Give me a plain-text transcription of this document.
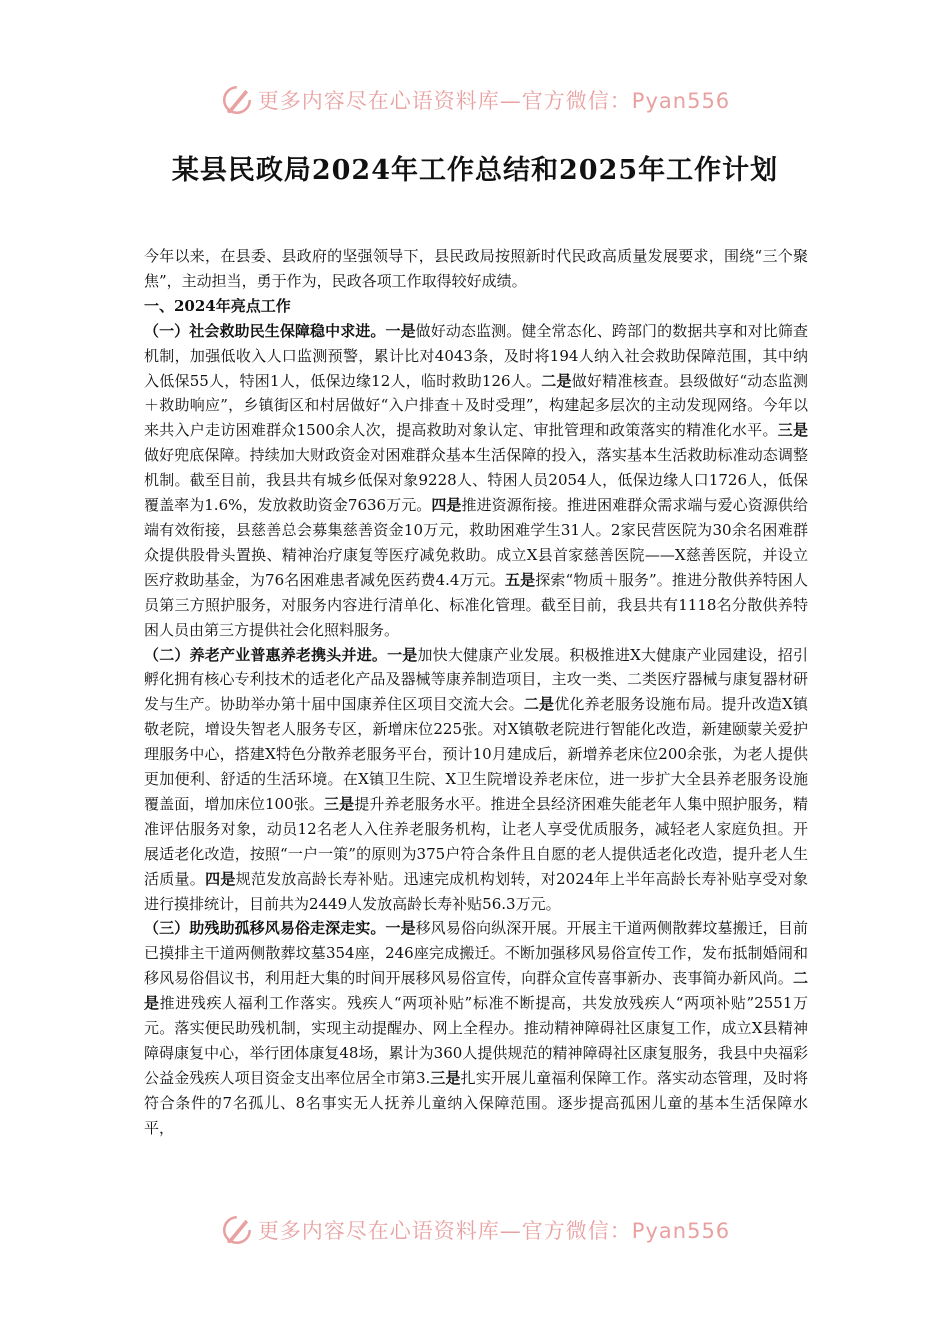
更多内容尽在心语资料库—官方微信：Pyan556
某县民政局2024年工作总结和2025年工作计划

今年以来，在县委、县政府的坚强领导下，县民政局按照新时代民政高质量发展要求，围绕“三个聚焦”，主动担当，勇于作为，民政各项工作取得较好成绩。

一、2024年亮点工作

（一）社会救助民生保障稳中求进。一是做好动态监测。健全常态化、跨部门的数据共享和对比筛查机制，加强低收入人口监测预警，累计比对4043条，及时将194人纳入社会救助保障范围，其中纳入低保55人，特困1人，低保边缘12人，临时救助126人。二是做好精准核查。县级做好“动态监测＋救助响应”，乡镇街区和村居做好“入户排查＋及时受理”，构建起多层次的主动发现网络。今年以来共入户走访困难群众1500余人次，提高救助对象认定、审批管理和政策落实的精准化水平。三是做好兜底保障。持续加大财政资金对困难群众基本生活保障的投入，落实基本生活救助标准动态调整机制。截至目前，我县共有城乡低保对象9228人、特困人员2054人，低保边缘人口1726人，低保覆盖率为1.6%，发放救助资金7636万元。四是推进资源衔接。推进困难群众需求端与爱心资源供给端有效衔接，县慈善总会募集慈善资金10万元，救助困难学生31人。2家民营医院为30余名困难群众提供股骨头置换、精神治疗康复等医疗减免救助。成立X县首家慈善医院——X慈善医院，并设立医疗救助基金，为76名困难患者减免医药费4.4万元。五是探索“物质＋服务”。推进分散供养特困人员第三方照护服务，对服务内容进行清单化、标准化管理。截至目前，我县共有1118名分散供养特困人员由第三方提供社会化照料服务。

（二）养老产业普惠养老携头并进。一是加快大健康产业发展。积极推进X大健康产业园建设，招引孵化拥有核心专利技术的适老化产品及器械等康养制造项目，主攻一类、二类医疗器械与康复器材研发与生产。协助举办第十届中国康养住区项目交流大会。二是优化养老服务设施布局。提升改造X镇敬老院，增设失智老人服务专区，新增床位225张。对X镇敬老院进行智能化改造，新建颐蒙关爱护理服务中心，搭建X特色分散养老服务平台，预计10月建成后，新增养老床位200余张，为老人提供更加便利、舒适的生活环境。在X镇卫生院、X卫生院增设养老床位，进一步扩大全县养老服务设施覆盖面，增加床位100张。三是提升养老服务水平。推进全县经济困难失能老年人集中照护服务，精准评估服务对象，动员12名老人入住养老服务机构，让老人享受优质服务，减轻老人家庭负担。开展适老化改造，按照“一户一策”的原则为375户符合条件且自愿的老人提供适老化改造，提升老人生活质量。四是规范发放高龄长寿补贴。迅速完成机构划转，对2024年上半年高龄长寿补贴享受对象进行摸排统计，目前共为2449人发放高龄长寿补贴56.3万元。

（三）助残助孤移风易俗走深走实。一是移风易俗向纵深开展。开展主干道两侧散葬坟墓搬迁，目前已摸排主干道两侧散葬坟墓354座，246座完成搬迁。不断加强移风易俗宣传工作，发布抵制婚闹和移风易俗倡议书，利用赶大集的时间开展移风易俗宣传，向群众宣传喜事新办、丧事简办新风尚。二是推进残疾人福利工作落实。残疾人“两项补贴”标准不断提高，共发放残疾人“两项补贴”2551万元。落实便民助残机制，实现主动提醒办、网上全程办。推动精神障碍社区康复工作，成立X县精神障碍康复中心，举行团体康复48场，累计为360人提供规范的精神障碍社区康复服务，我县中央福彩公益金残疾人项目资金支出率位居全市第3.三是扎实开展儿童福利保障工作。落实动态管理，及时将符合条件的7名孤儿、8名事实无人抚养儿童纳入保障范围。逐步提高孤困儿童的基本生活保障水平，

更多内容尽在心语资料库—官方微信：Pyan556
